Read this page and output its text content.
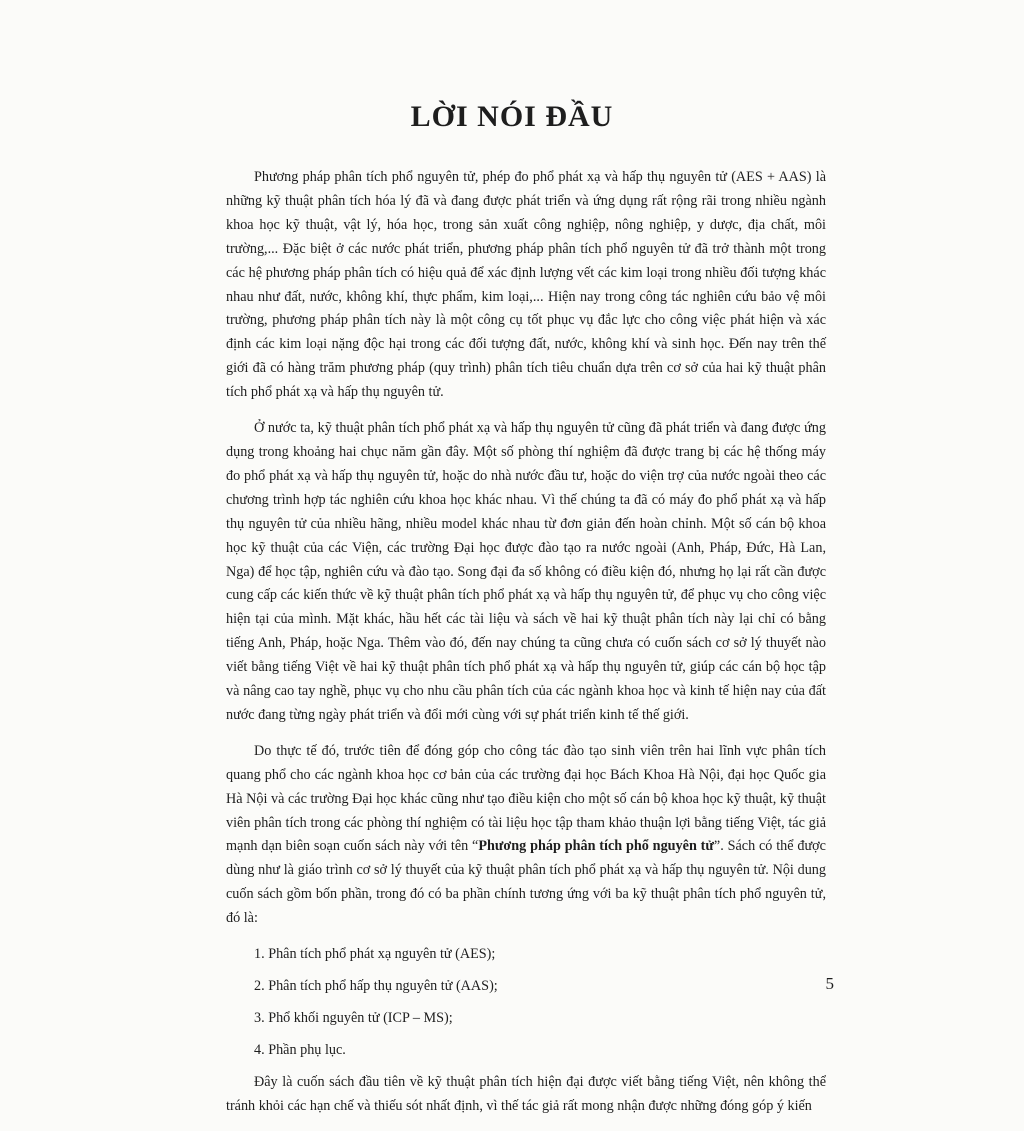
LỜI NÓI ĐẦU

Phương pháp phân tích phổ nguyên tử, phép đo phổ phát xạ và hấp thụ nguyên tử (AES + AAS) là những kỹ thuật phân tích hóa lý đã và đang được phát triển và ứng dụng rất rộng rãi trong nhiều ngành khoa học kỹ thuật, vật lý, hóa học, trong sản xuất công nghiệp, nông nghiệp, y dược, địa chất, môi trường,... Đặc biệt ở các nước phát triển, phương pháp phân tích phổ nguyên tử đã trở thành một trong các hệ phương pháp phân tích có hiệu quả để xác định lượng vết các kim loại trong nhiều đối tượng khác nhau như đất, nước, không khí, thực phẩm, kim loại,... Hiện nay trong công tác nghiên cứu bảo vệ môi trường, phương pháp phân tích này là một công cụ tốt phục vụ đắc lực cho công việc phát hiện và xác định các kim loại nặng độc hại trong các đối tượng đất, nước, không khí và sinh học. Đến nay trên thế giới đã có hàng trăm phương pháp (quy trình) phân tích tiêu chuẩn dựa trên cơ sở của hai kỹ thuật phân tích phổ phát xạ và hấp thụ nguyên tử.

Ở nước ta, kỹ thuật phân tích phổ phát xạ và hấp thụ nguyên tử cũng đã phát triển và đang được ứng dụng trong khoảng hai chục năm gần đây. Một số phòng thí nghiệm đã được trang bị các hệ thống máy đo phổ phát xạ và hấp thụ nguyên tử, hoặc do nhà nước đầu tư, hoặc do viện trợ của nước ngoài theo các chương trình hợp tác nghiên cứu khoa học khác nhau. Vì thế chúng ta đã có máy đo phổ phát xạ và hấp thụ nguyên tử của nhiều hãng, nhiều model khác nhau từ đơn giản đến hoàn chỉnh. Một số cán bộ khoa học kỹ thuật của các Viện, các trường Đại học được đào tạo ra nước ngoài (Anh, Pháp, Đức, Hà Lan, Nga) để học tập, nghiên cứu và đào tạo. Song đại đa số không có điều kiện đó, nhưng họ lại rất cần được cung cấp các kiến thức về kỹ thuật phân tích phổ phát xạ và hấp thụ nguyên tử, để phục vụ cho công việc hiện tại của mình. Mặt khác, hầu hết các tài liệu và sách về hai kỹ thuật phân tích này lại chỉ có bằng tiếng Anh, Pháp, hoặc Nga. Thêm vào đó, đến nay chúng ta cũng chưa có cuốn sách cơ sở lý thuyết nào viết bằng tiếng Việt về hai kỹ thuật phân tích phổ phát xạ và hấp thụ nguyên tử, giúp các cán bộ học tập và nâng cao tay nghề, phục vụ cho nhu cầu phân tích của các ngành khoa học và kinh tế hiện nay của đất nước đang từng ngày phát triển và đổi mới cùng với sự phát triển kinh tế thế giới.

Do thực tế đó, trước tiên để đóng góp cho công tác đào tạo sinh viên trên hai lĩnh vực phân tích quang phổ cho các ngành khoa học cơ bản của các trường đại học Bách Khoa Hà Nội, đại học Quốc gia Hà Nội và các trường Đại học khác cũng như tạo điều kiện cho một số cán bộ khoa học kỹ thuật, kỹ thuật viên phân tích trong các phòng thí nghiệm có tài liệu học tập tham khảo thuận lợi bằng tiếng Việt, tác giả mạnh dạn biên soạn cuốn sách này với tên “Phương pháp phân tích phổ nguyên tử”. Sách có thể được dùng như là giáo trình cơ sở lý thuyết của kỹ thuật phân tích phổ phát xạ và hấp thụ nguyên tử. Nội dung cuốn sách gồm bốn phần, trong đó có ba phần chính tương ứng với ba kỹ thuật phân tích phổ nguyên tử, đó là:

1. Phân tích phổ phát xạ nguyên tử (AES);

2. Phân tích phổ hấp thụ nguyên tử (AAS);

3. Phổ khối nguyên tử (ICP – MS);

4. Phần phụ lục.

Đây là cuốn sách đầu tiên về kỹ thuật phân tích hiện đại được viết bằng tiếng Việt, nên không thể tránh khỏi các hạn chế và thiếu sót nhất định, vì thế tác giả rất mong nhận được những đóng góp ý kiến

5
